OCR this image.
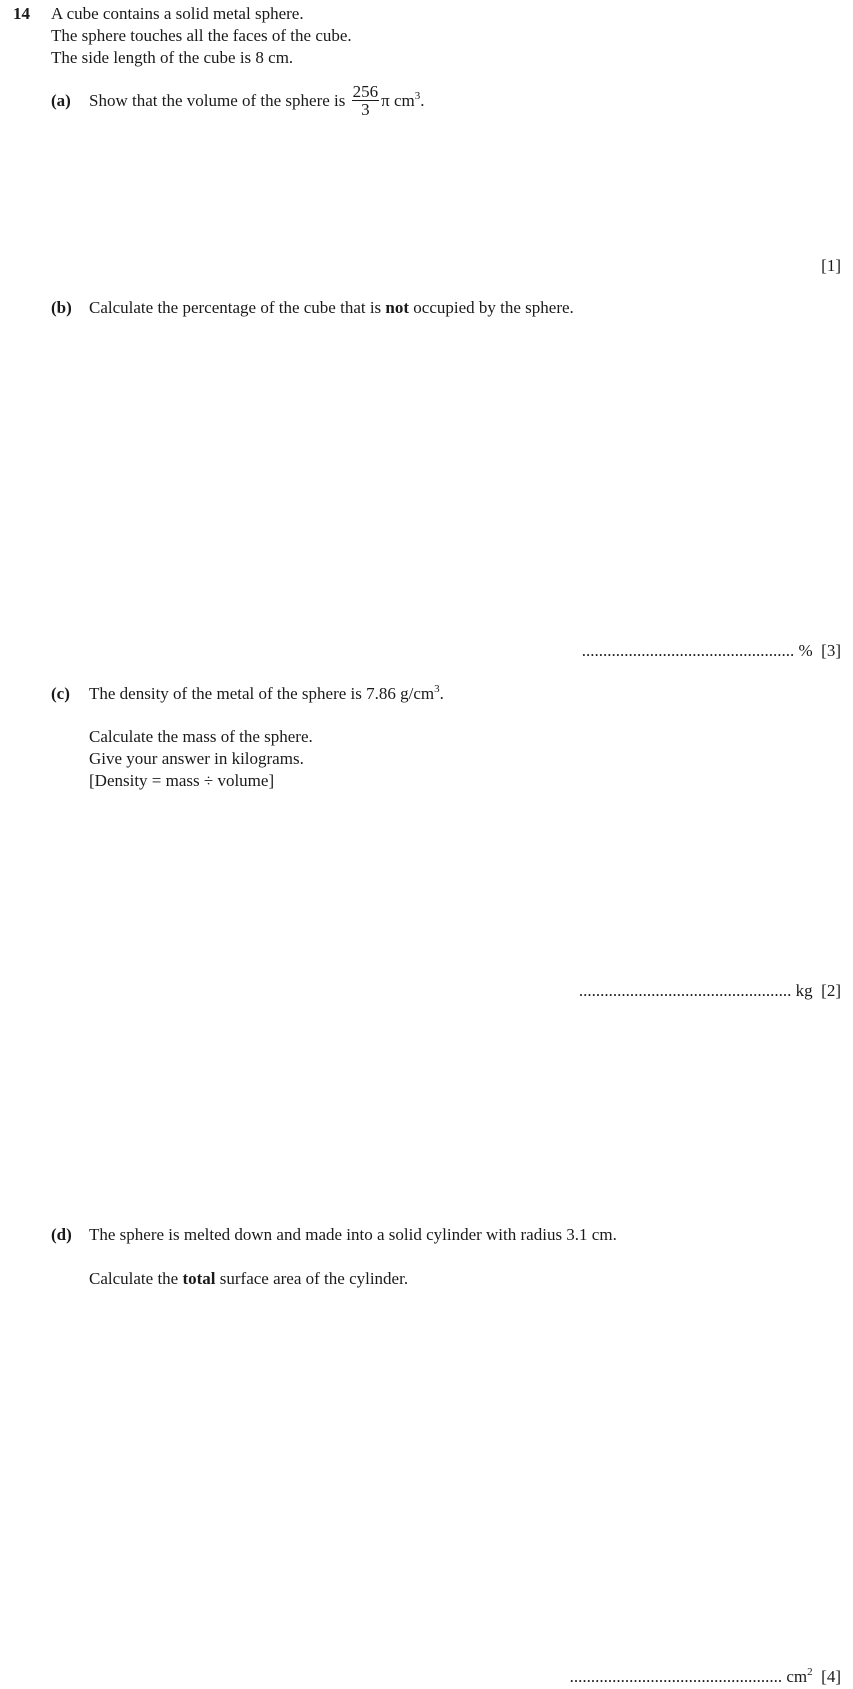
14 A cube contains a solid metal sphere.
The sphere touches all the faces of the cube.
The side length of the cube is 8 cm.
(a) Show that the volume of the sphere is $\frac{256}{3}$ π $cm^3$.
[1]
(b) Calculate the percentage of the cube that is not occupied by the sphere.
.................................................. % [3]
(c) The density of the metal of the sphere is 7.86 $g/cm^3$.
Calculate the mass of the sphere.
Give your answer in kilograms.
[Density = mass ÷ volume]
.................................................. kg [2]
(d) The sphere is melted down and made into a solid cylinder with radius 3.1 cm.
Calculate the total surface area of the cylinder.
.................................................. $cm^2$ [4]
